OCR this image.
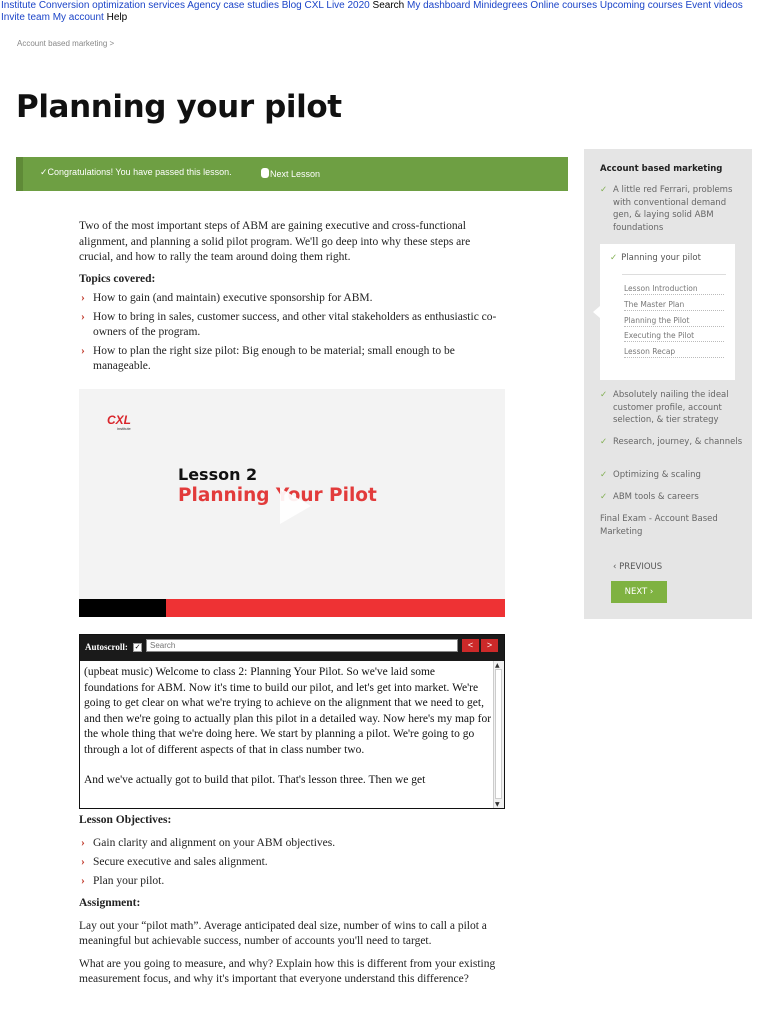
Institute Conversion optimization services Agency case studies Blog CXL Live 2020 Search My dashboard Minidegrees Online courses Upcoming courses Event videos Invite team My account Help
Account based marketing >
Planning your pilot
✓Congratulations! You have passed this lesson.	Next Lesson

Two of the most important steps of ABM are gaining executive and cross-functional alignment, and planning a solid pilot program. We'll go deep into why these steps are crucial, and how to rally the team around doing them right.

Topics covered:

› How to gain (and maintain) executive sponsorship for ABM.
› How to bring in sales, customer success, and other vital stakeholders as enthusiastic co-owners of the program.
› How to plan the right size pilot: Big enough to be material; small enough to be manageable.
CXL
institute
Lesson 2
Planning Your Pilot
Autoscroll: ✓
Search	<	>

(upbeat music) Welcome to class 2: Planning Your Pilot. So we've laid some foundations for ABM. Now it's time to build our pilot, and let's get into market. We're going to get clear on what we're trying to achieve on the alignment that we need to get, and then we're going to actually plan this pilot in a detailed way. Now here's my map for the whole thing that we're doing here. We start by planning a pilot. We're going to go through a lot of different aspects of that in class number two.

And we've actually got to build that pilot. That's lesson three. Then we get

▲
▼

Lesson Objectives:

› Gain clarity and alignment on your ABM objectives.
› Secure executive and sales alignment.
› Plan your pilot.

Assignment:

Lay out your “pilot math”. Average anticipated deal size, number of wins to call a pilot a meaningful but achievable success, number of accounts you'll need to target.

What are you going to measure, and why? Explain how this is different from your existing measurement focus, and why it's important that everyone understand this difference?

Account based marketing
✓ A little red Ferrari, problems with conventional demand gen, & laying solid ABM foundations
✓ Planning your pilot
Lesson Introduction
The Master Plan
Planning the Pilot
Executing the Pilot
Lesson Recap
✓ Absolutely nailing the ideal customer profile, account selection, & tier strategy
✓ Research, journey, & channels
✓ Optimizing & scaling
✓ ABM tools & careers
Final Exam - Account Based Marketing
‹ PREVIOUS
NEXT ›
